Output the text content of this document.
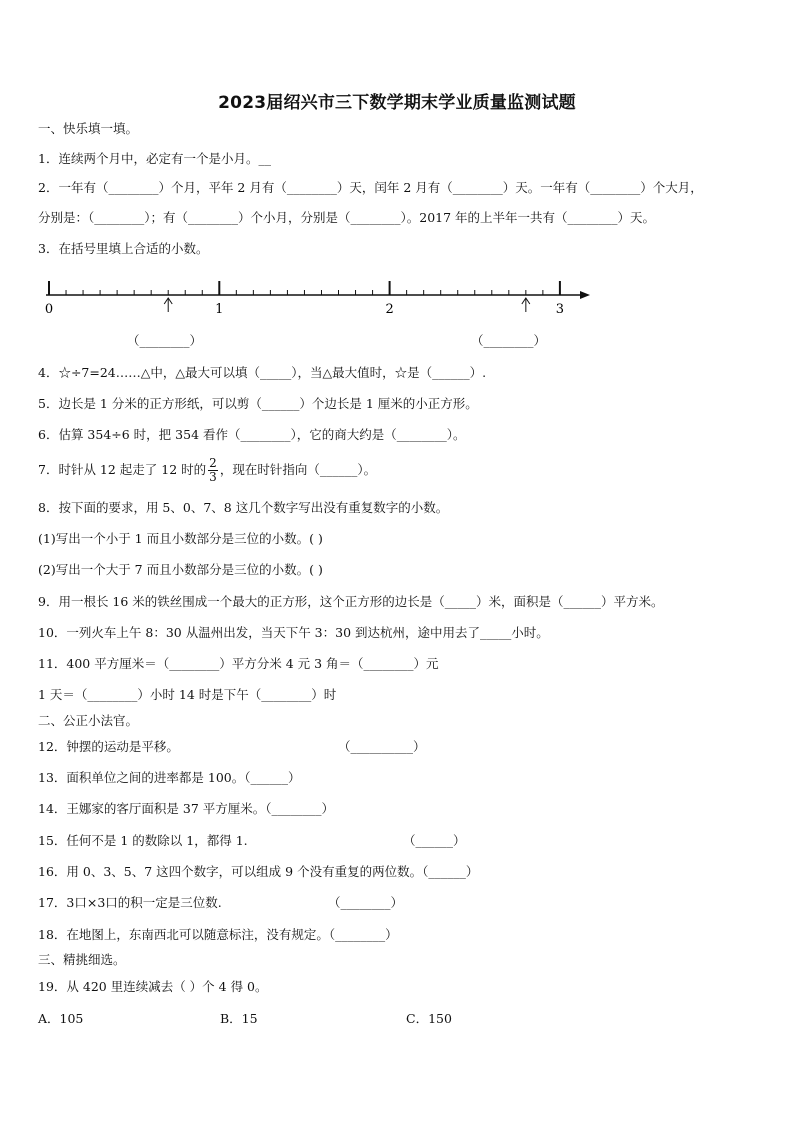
2023届绍兴市三下数学期末学业质量监测试题
一、快乐填一填。
1．连续两个月中，必定有一个是小月。__
2．一年有（________）个月，平年 2 月有（________）天，闰年 2 月有（________）天。一年有（________）个大月，
分别是：（________）；有（________）个小月，分别是（________）。2017 年的上半年一共有（________）天。
3．在括号里填上合适的小数。
0	1	2	3
（________）	（________）
4．☆÷7=24……△中，△最大可以填（_____），当△最大值时，☆是（______）.
5．边长是 1 分米的正方形纸，可以剪（______）个边长是 1 厘米的小正方形。
6．估算 354÷6 时，把 354 看作（________），它的商大约是（________）。
7．时针从 12 起走了 12 时的 $\frac{2}{3}$ ，现在时针指向（______）。
8．按下面的要求，用 5、0、7、8 这几个数字写出没有重复数字的小数。
(1)写出一个小于 1 而且小数部分是三位的小数。( )
(2)写出一个大于 7 而且小数部分是三位的小数。( )
9．用一根长 16 米的铁丝围成一个最大的正方形，这个正方形的边长是（_____）米，面积是（______）平方米。
10．一列火车上午 8：30 从温州出发，当天下午 3：30 到达杭州，途中用去了_____小时。
11．400 平方厘米＝（________）平方分米 4 元 3 角＝（________）元
1 天＝（________）小时 14 时是下午（________）时
二、公正小法官。
12．钟摆的运动是平移。	（__________）
13．面积单位之间的进率都是 100。（______）
14．王娜家的客厅面积是 37 平方厘米。（________）
15．任何不是 1 的数除以 1，都得 1.	（______）
16．用 0、3、5、7 这四个数字，可以组成 9 个没有重复的两位数。（______）
17．3口×3口的积一定是三位数.	（________）
18．在地图上，东南西北可以随意标注，没有规定。（________）
三、精挑细选。
19．从 420 里连续减去（ ）个 4 得 0。
A．105	B．15	C．150
